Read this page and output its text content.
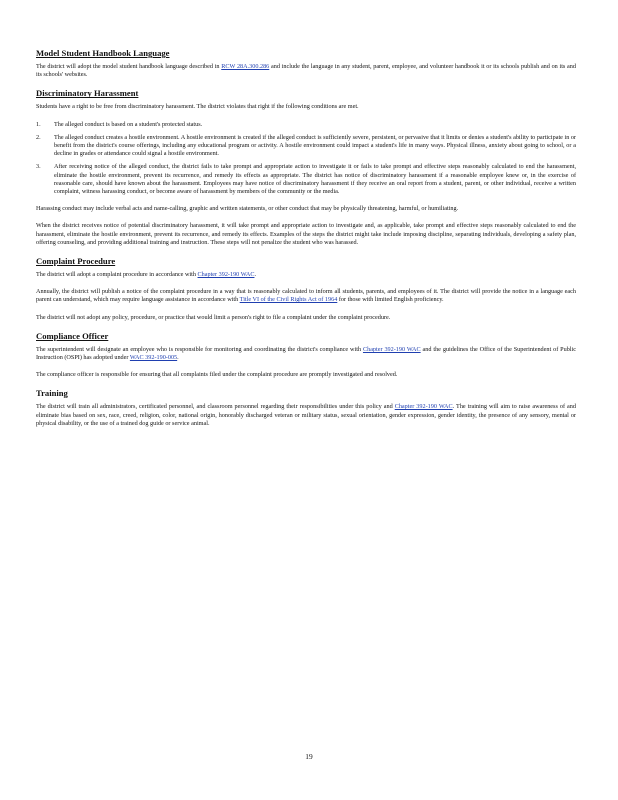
Model Student Handbook Language
The district will adopt the model student handbook language described in RCW 28A.300.286 and include the language in any student, parent, employee, and volunteer handbook it or its schools publish and on its and its schools' websites.
Discriminatory Harassment
Students have a right to be free from discriminatory harassment. The district violates that right if the following conditions are met.
1.	The alleged conduct is based on a student's protected status.
2.	The alleged conduct creates a hostile environment. A hostile environment is created if the alleged conduct is sufficiently severe, persistent, or pervasive that it limits or denies a student's ability to participate in or benefit from the district's course offerings, including any educational program or activity. A hostile environment could impact a student's life in many ways. Physical illness, anxiety about going to school, or a decline in grades or attendance could signal a hostile environment.
3.	After receiving notice of the alleged conduct, the district fails to take prompt and appropriate action to investigate it or fails to take prompt and effective steps reasonably calculated to end the harassment, eliminate the hostile environment, prevent its recurrence, and remedy its effects as appropriate. The district has notice of discriminatory harassment if a reasonable employee knew or, in the exercise of reasonable care, should have known about the harassment. Employees may have notice of discriminatory harassment if they receive an oral report from a student, parent, or other individual, receive a written complaint, witness harassing conduct, or become aware of harassment by members of the community or the media.
Harassing conduct may include verbal acts and name-calling, graphic and written statements, or other conduct that may be physically threatening, harmful, or humiliating.
When the district receives notice of potential discriminatory harassment, it will take prompt and appropriate action to investigate and, as applicable, take prompt and effective steps reasonably calculated to end the harassment, eliminate the hostile environment, prevent its recurrence, and remedy its effects. Examples of the steps the district might take include imposing discipline, separating individuals, developing a safety plan, offering counseling, and providing additional training and instruction. These steps will not penalize the student who was harassed.
Complaint Procedure
The district will adopt a complaint procedure in accordance with Chapter 392-190 WAC.
Annually, the district will publish a notice of the complaint procedure in a way that is reasonably calculated to inform all students, parents, and employees of it. The district will provide the notice in a language each parent can understand, which may require language assistance in accordance with Title VI of the Civil Rights Act of 1964 for those with limited English proficiency.
The district will not adopt any policy, procedure, or practice that would limit a person's right to file a complaint under the complaint procedure.
Compliance Officer
The superintendent will designate an employee who is responsible for monitoring and coordinating the district's compliance with Chapter 392-190 WAC and the guidelines the Office of the Superintendent of Public Instruction (OSPI) has adopted under WAC 392-190-005.
The compliance officer is responsible for ensuring that all complaints filed under the complaint procedure are promptly investigated and resolved.
Training
The district will train all administrators, certificated personnel, and classroom personnel regarding their responsibilities under this policy and Chapter 392-190 WAC. The training will aim to raise awareness of and eliminate bias based on sex, race, creed, religion, color, national origin, honorably discharged veteran or military status, sexual orientation, gender expression, gender identity, the presence of any sensory, mental or physical disability, or the use of a trained dog guide or service animal.
19
